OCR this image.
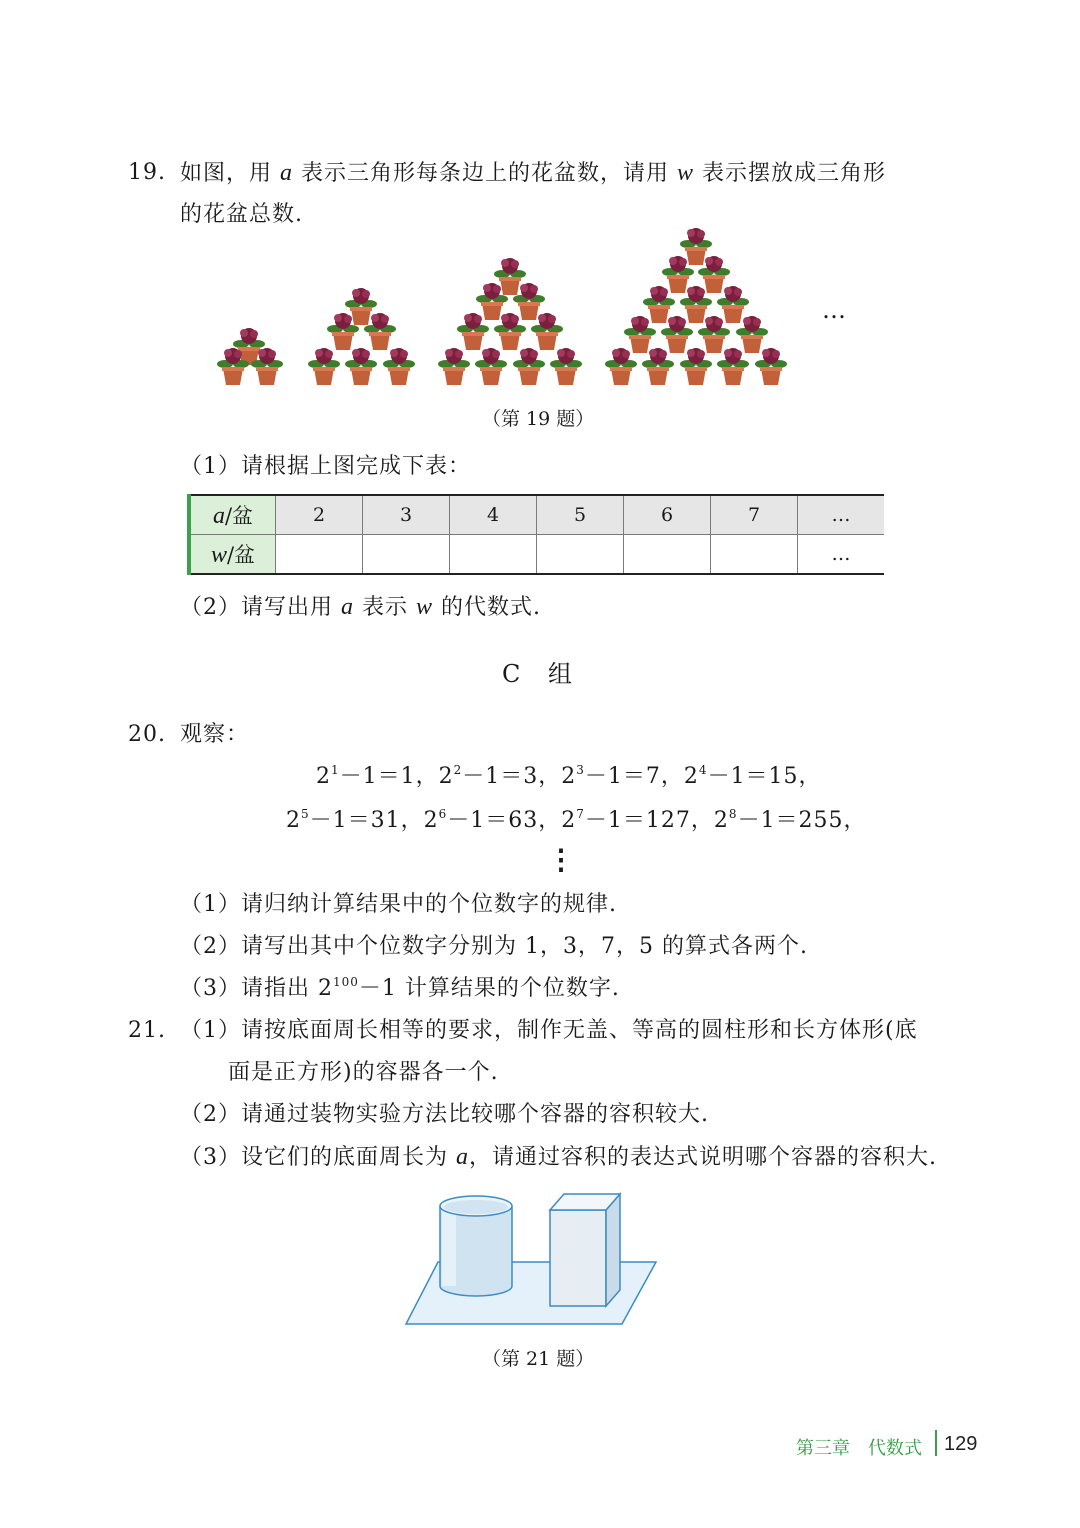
19. 如图，用 a 表示三角形每条边上的花盆数，请用 w 表示摆放成三角形
的花盆总数.
…
（第 19 题）
（1）请根据上图完成下表：
a/盆	2	3	4	5	6	7	…
w/盆							…
（2）请写出用 a 表示 w 的代数式.
C 组
20. 观察：
$2^1-1=1$，$2^2-1=3$，$2^3-1=7$，$2^4-1=15$，
$2^5-1=31$，$2^6-1=63$，$2^7-1=127$，$2^8-1=255$，
⋮
（1）请归纳计算结果中的个位数字的规律.
（2）请写出其中个位数字分别为 1，3，7，5 的算式各两个.
（3）请指出 $2^{100}-1$ 计算结果的个位数字.
21. （1）请按底面周长相等的要求，制作无盖、等高的圆柱形和长方体形(底
面是正方形)的容器各一个.
（2）请通过装物实验方法比较哪个容器的容积较大.
（3）设它们的底面周长为 a，请通过容积的表达式说明哪个容器的容积大.
（第 21 题）
第三章　代数式 129
